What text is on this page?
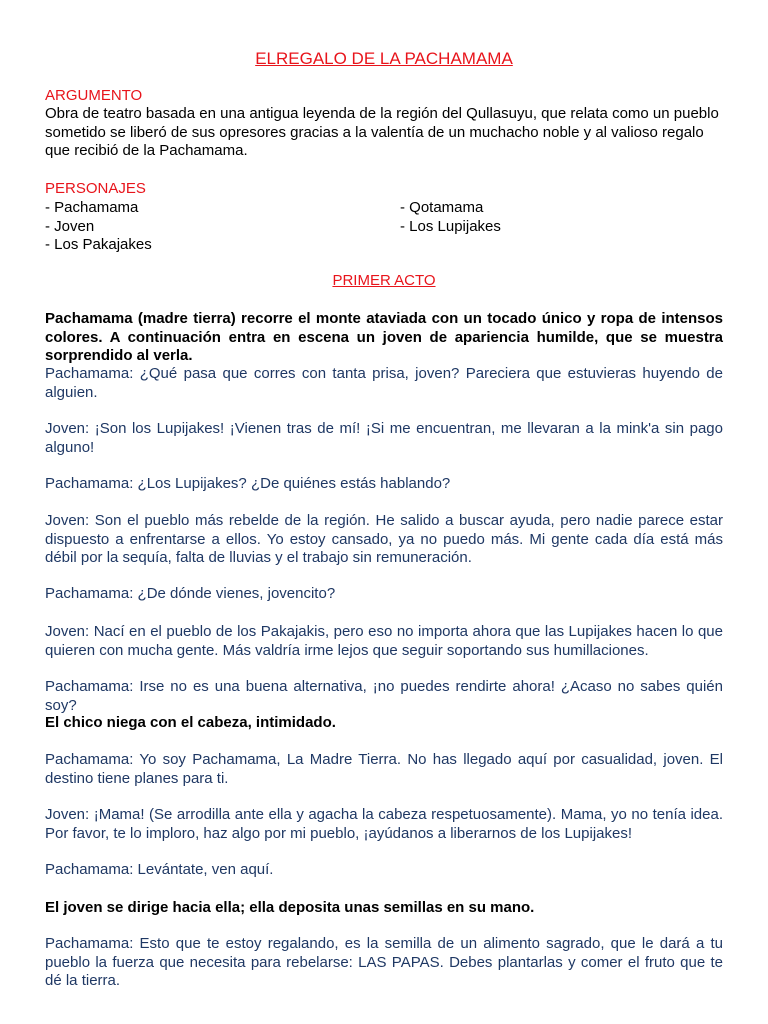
ELREGALO DE LA PACHAMAMA
ARGUMENTO
Obra de teatro basada en una antigua leyenda de la región del Qullasuyu, que relata como un pueblo sometido se liberó de sus opresores gracias a la valentía de un muchacho noble y al valioso regalo que recibió de la Pachamama.
PERSONAJES
- Pachamama
- Joven
- Los Pakajakes
- Qotamama
- Los Lupijakes
PRIMER ACTO
Pachamama (madre tierra) recorre el monte ataviada con un tocado único y ropa de intensos colores. A continuación entra en escena un joven de apariencia humilde, que se muestra sorprendido al verla.
Pachamama: ¿Qué pasa que corres con tanta prisa, joven? Pareciera que estuvieras huyendo de alguien.
Joven: ¡Son los Lupijakes! ¡Vienen tras de mí! ¡Si me encuentran, me llevaran a la mink'a sin pago alguno!
Pachamama: ¿Los Lupijakes? ¿De quiénes estás hablando?
Joven: Son el pueblo más rebelde de la región. He salido a buscar ayuda, pero nadie parece estar dispuesto a enfrentarse a ellos. Yo estoy cansado, ya no puedo más. Mi gente cada día está más débil por la sequía, falta de lluvias y el trabajo sin remuneración.
Pachamama: ¿De dónde vienes, jovencito?
Joven: Nací en el pueblo de los Pakajakis, pero eso no importa ahora que las Lupijakes hacen lo que quieren con mucha gente. Más valdría irme lejos que seguir soportando sus humillaciones.
Pachamama: Irse no es una buena alternativa, ¡no puedes rendirte ahora! ¿Acaso no sabes quién soy?
El chico niega con el cabeza, intimidado.
Pachamama: Yo soy Pachamama, La Madre Tierra. No has llegado aquí por casualidad, joven. El destino tiene planes para ti.
Joven: ¡Mama! (Se arrodilla ante ella y agacha la cabeza respetuosamente). Mama, yo no tenía idea. Por favor, te lo imploro, haz algo por mi pueblo, ¡ayúdanos a liberarnos de los Lupijakes!
Pachamama: Levántate, ven aquí.
El joven se dirige hacia ella; ella deposita unas semillas en su mano.
Pachamama: Esto que te estoy regalando, es la semilla de un alimento sagrado, que le dará a tu pueblo la fuerza que necesita para rebelarse: LAS PAPAS. Debes plantarlas y comer el fruto que te dé la tierra.
